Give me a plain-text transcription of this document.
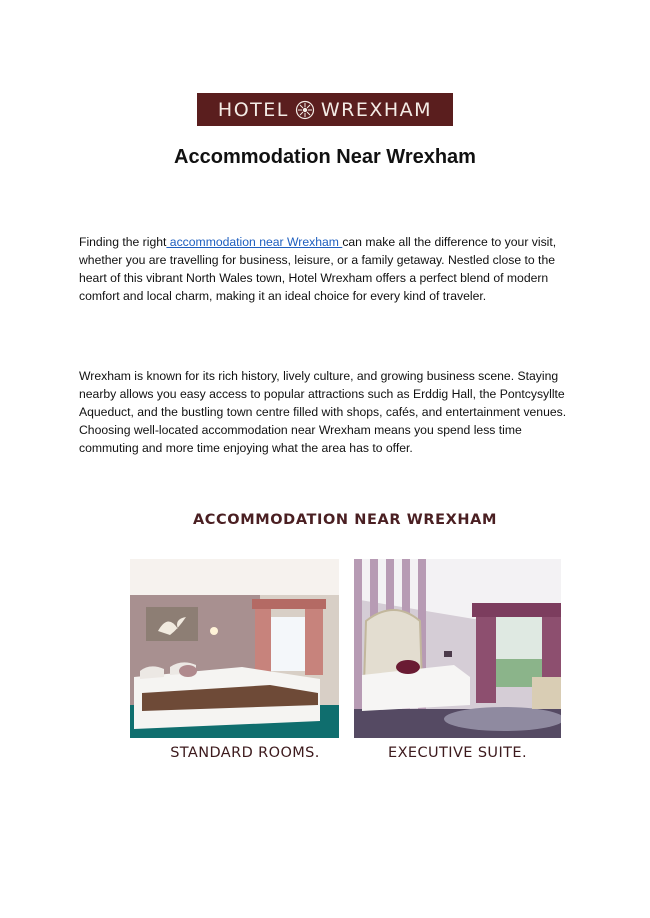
HOTEL WREXHAM
Accommodation Near Wrexham

Finding the right accommodation near Wrexham can make all the difference to your visit, whether you are travelling for business, leisure, or a family getaway. Nestled close to the heart of this vibrant North Wales town, Hotel Wrexham offers a perfect blend of modern comfort and local charm, making it an ideal choice for every kind of traveler.

Wrexham is known for its rich history, lively culture, and growing business scene. Staying nearby allows you easy access to popular attractions such as Erddig Hall, the Pontcysyllte Aqueduct, and the bustling town centre filled with shops, cafés, and entertainment venues. Choosing well-located accommodation near Wrexham means you spend less time commuting and more time enjoying what the area has to offer.

ACCOMMODATION NEAR WREXHAM

STANDARD ROOMS.	EXECUTIVE SUITE.
